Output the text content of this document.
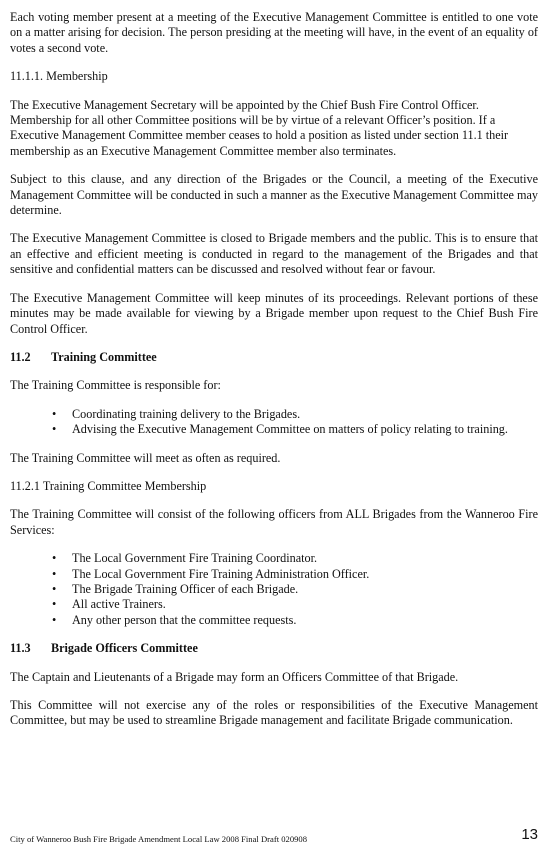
Each voting member present at a meeting of the Executive Management Committee is entitled to one vote on a matter arising for decision. The person presiding at the meeting will have, in the event of an equality of votes a second vote.

11.1.1. Membership

The Executive Management Secretary will be appointed by the Chief Bush Fire Control Officer. Membership for all other Committee positions will be by virtue of a relevant Officer’s position. If a Executive Management Committee member ceases to hold a position as listed under section 11.1 their membership as an Executive Management Committee member also terminates.

Subject to this clause, and any direction of the Brigades or the Council, a meeting of the Executive Management Committee will be conducted in such a manner as the Executive Management Committee may determine.

The Executive Management Committee is closed to Brigade members and the public. This is to ensure that an effective and efficient meeting is conducted in regard to the management of the Brigades and that sensitive and confidential matters can be discussed and resolved without fear or favour.

The Executive Management Committee will keep minutes of its proceedings. Relevant portions of these minutes may be made available for viewing by a Brigade member upon request to the Chief Bush Fire Control Officer.

11.2 Training Committee

The Training Committee is responsible for:

• Coordinating training delivery to the Brigades.
• Advising the Executive Management Committee on matters of policy relating to training.

The Training Committee will meet as often as required.

11.2.1 Training Committee Membership

The Training Committee will consist of the following officers from ALL Brigades from the Wanneroo Fire Services:

• The Local Government Fire Training Coordinator.
• The Local Government Fire Training Administration Officer.
• The Brigade Training Officer of each Brigade.
• All active Trainers.
• Any other person that the committee requests.
11.3 Brigade Officers Committee

The Captain and Lieutenants of a Brigade may form an Officers Committee of that Brigade.

This Committee will not exercise any of the roles or responsibilities of the Executive Management Committee, but may be used to streamline Brigade management and facilitate Brigade communication.

City of Wanneroo Bush Fire Brigade Amendment Local Law 2008 Final Draft 020908	13
